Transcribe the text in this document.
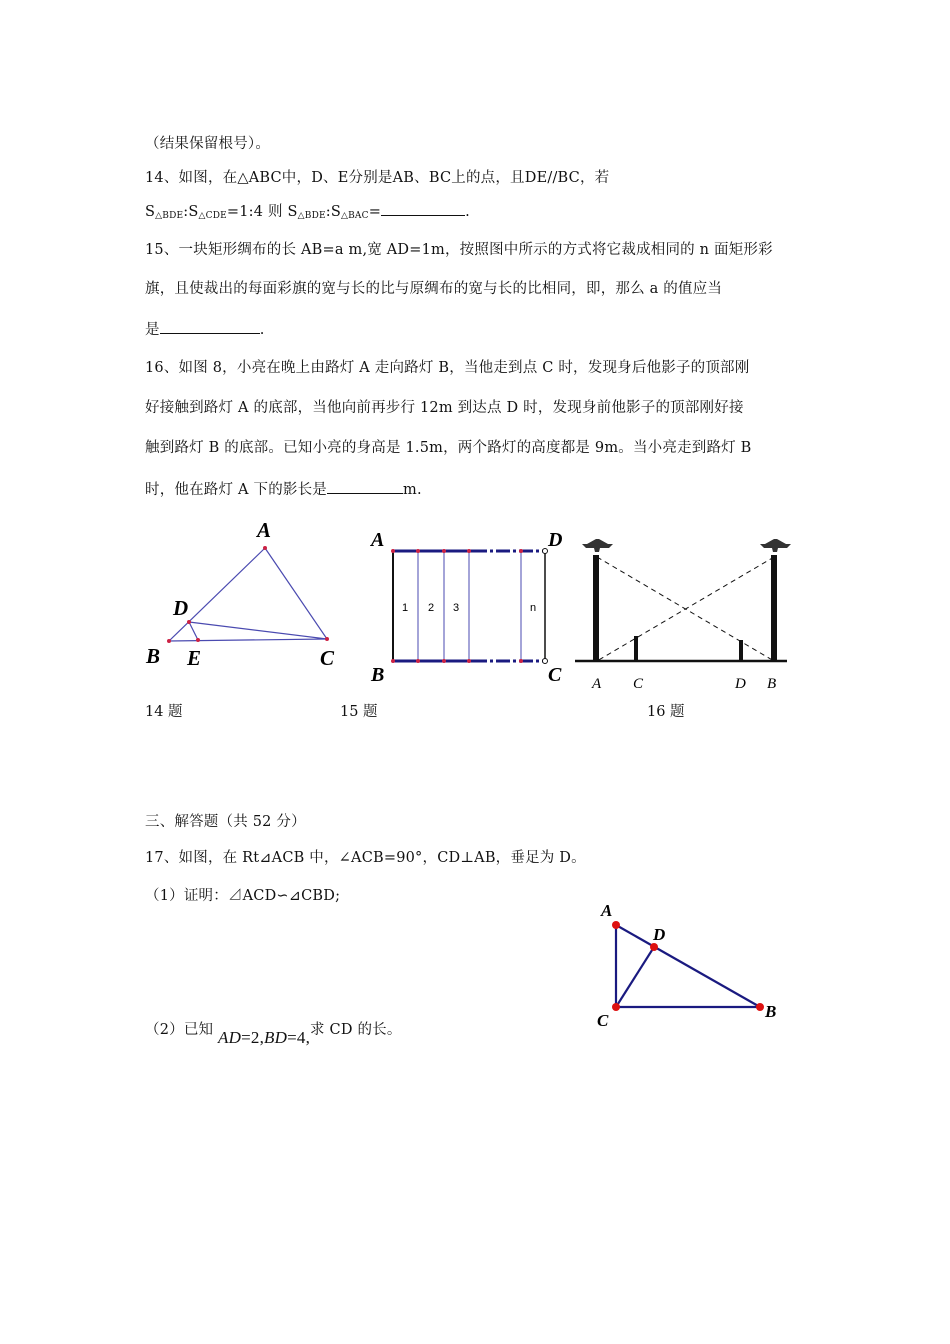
（结果保留根号）。
14、如图，在△ABC中，D、E分别是AB、BC上的点，且DE//BC，若
$S_{\triangle BDE}:S_{\triangle CDE}=1:4$ 则 $S_{\triangle BDE}:S_{\triangle BAC}=$	.
15、一块矩形绸布的长 AB=a m,宽 AD=1m，按照图中所示的方式将它裁成相同的 n 面矩形彩
旗，且使裁出的每面彩旗的宽与长的比与原绸布的宽与长的比相同，即，那么 a 的值应当
是	.
16、如图 8，小亮在晚上由路灯 A 走向路灯 B，当他走到点 C 时，发现身后他影子的顶部刚
好接触到路灯 A 的底部，当他向前再步行 12m 到达点 D 时，发现身前他影子的顶部刚好接
触到路灯 B 的底部。已知小亮的身高是 1.5m，两个路灯的高度都是 9m。当小亮走到路灯 B
时，他在路灯 A 下的影长是	m.
A
D
B E	C
1 2 3	n
A	D
B	C A C	D B
14 题	15 题	16 题
三、解答题（共 52 分）
17、如图，在 Rt⊿ACB 中，∠ACB=90°，CD⊥AB，垂足为 D。
（1）证明：⊿ACD∽⊿CBD;
A
D
C	B
（2）已知 AD=2,BD=4,求 CD 的长。
